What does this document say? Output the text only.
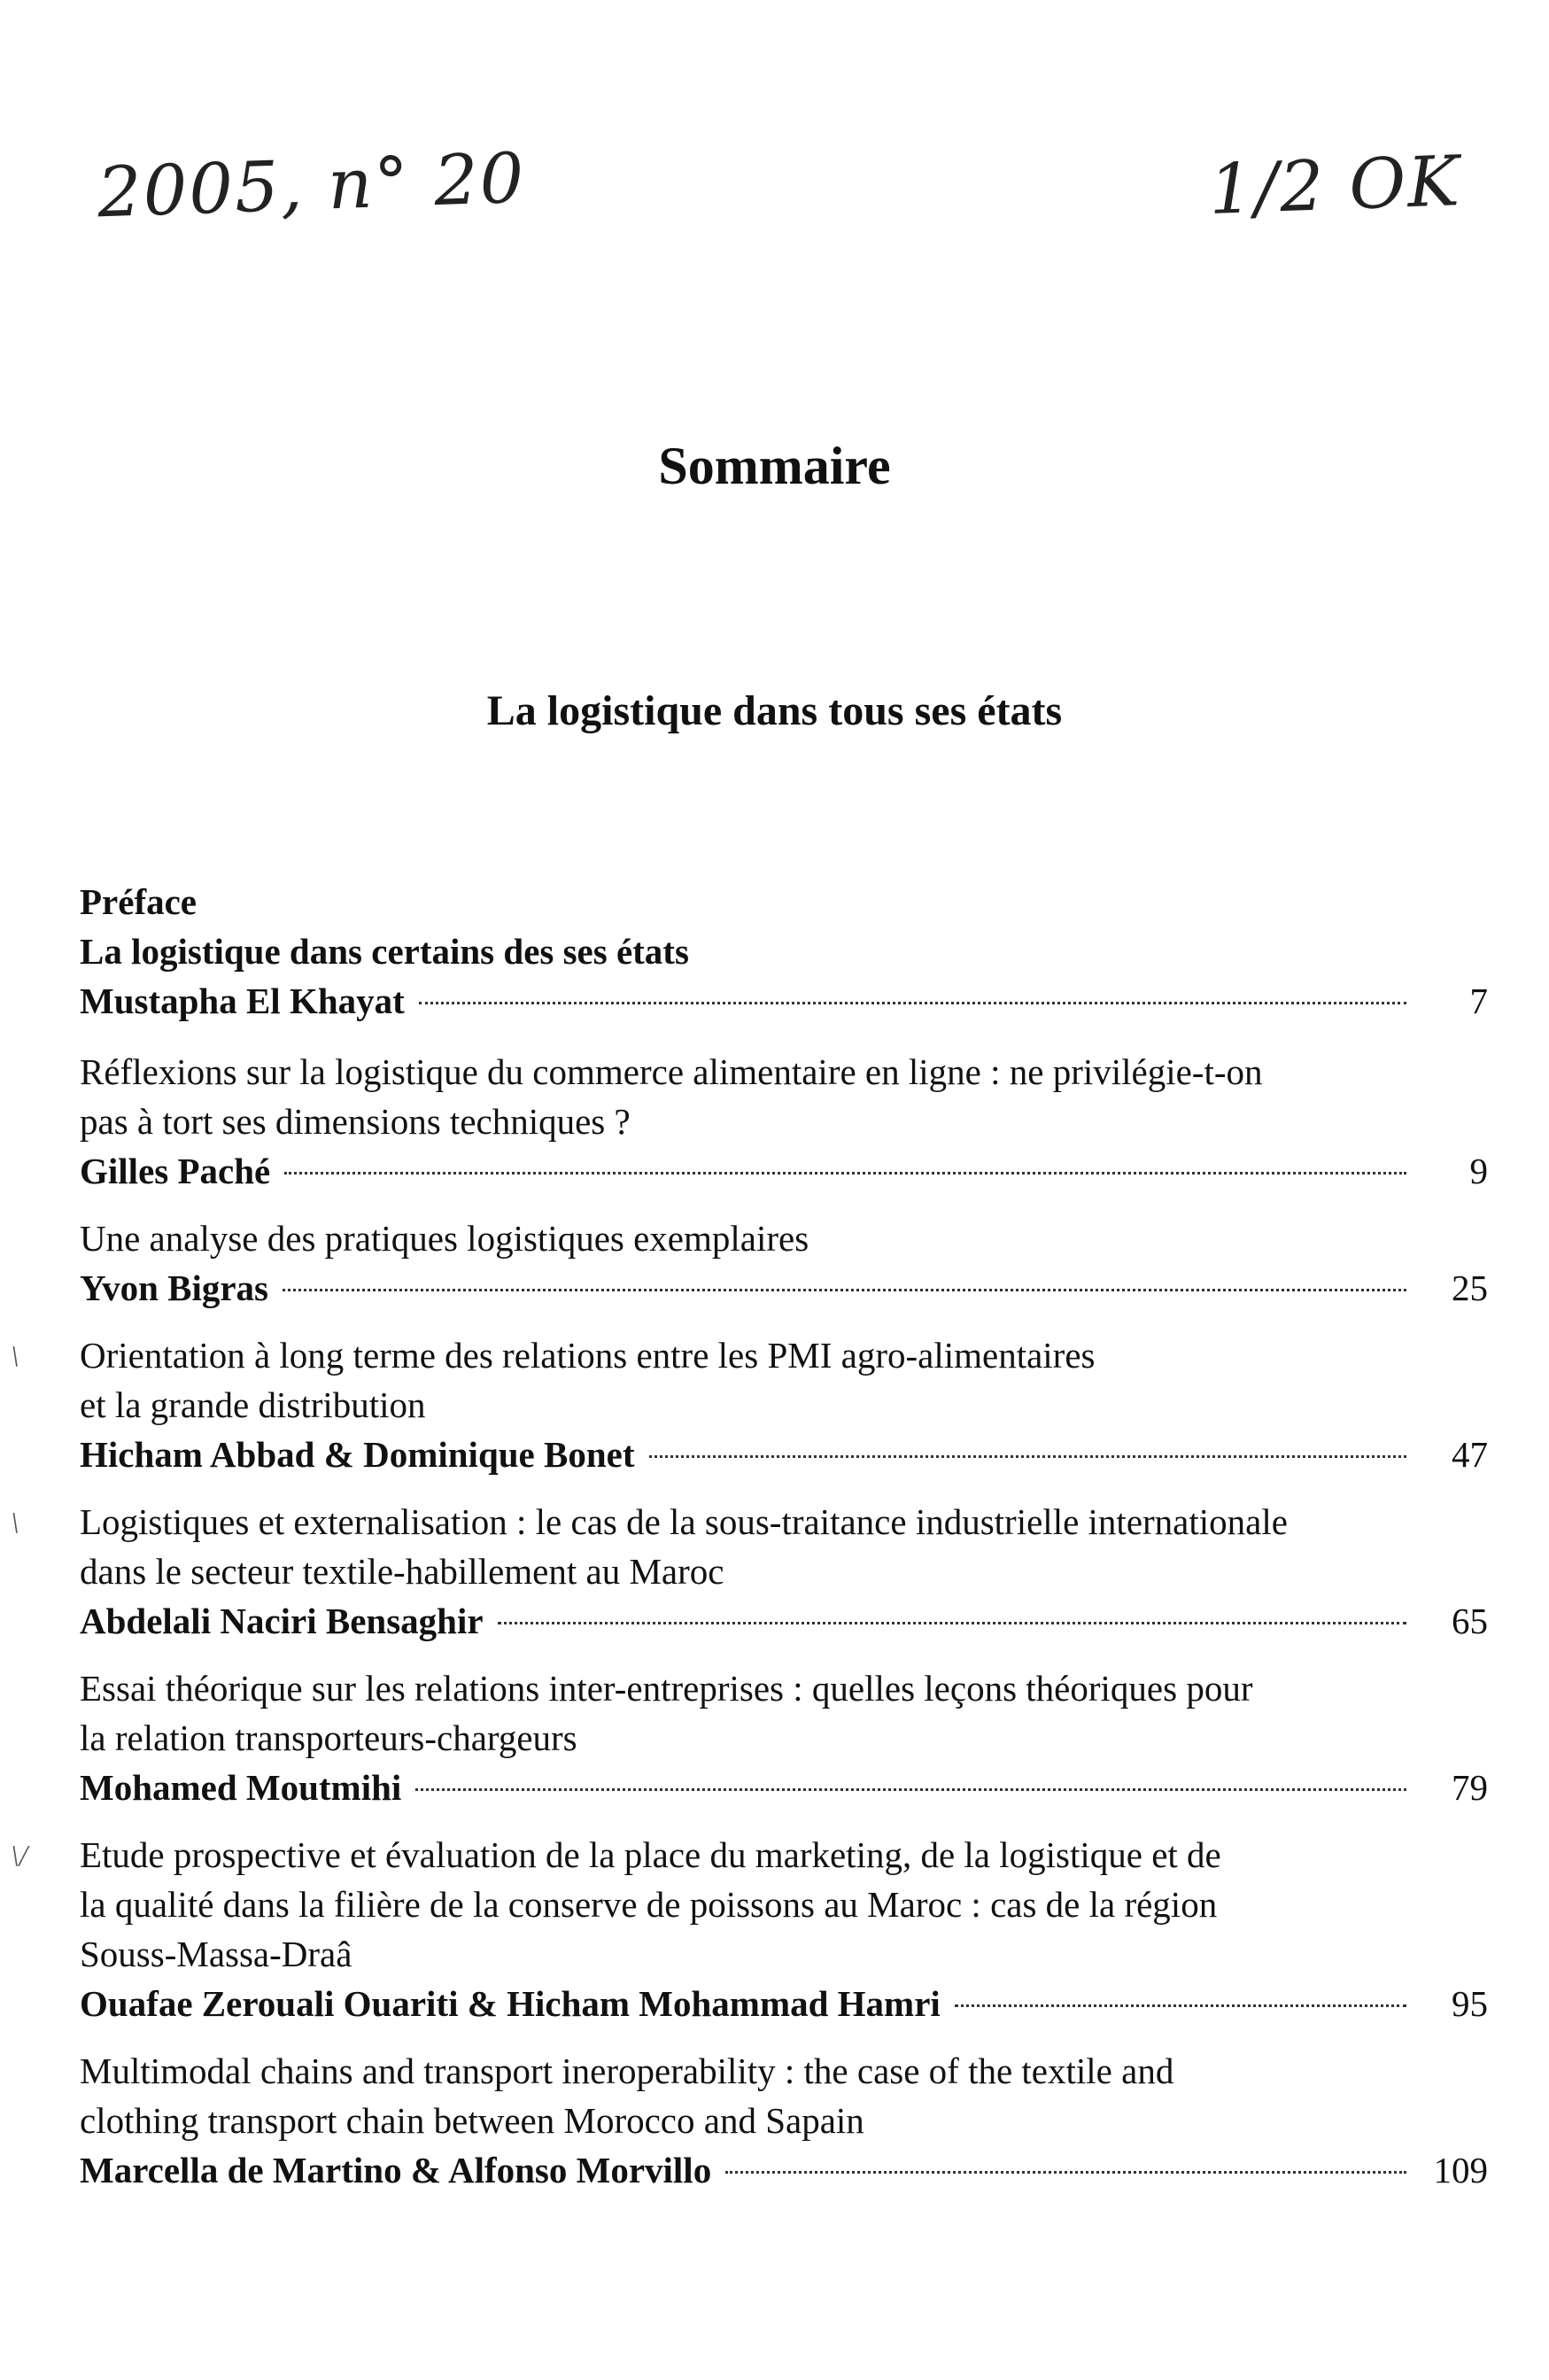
2005, n° 20	1/2 OK
Sommaire
La logistique dans tous ses états
Préface
La logistique dans certains des ses états
Mustapha El Khayat	7
Réflexions sur la logistique du commerce alimentaire en ligne : ne privilégie-t-on
pas à tort ses dimensions techniques ?
Gilles Paché	9
Une analyse des pratiques logistiques exemplaires
Yvon Bigras	25
\ Orientation à long terme des relations entre les PMI agro-alimentaires
et la grande distribution
Hicham Abbad & Dominique Bonet	47
\ Logistiques et externalisation : le cas de la sous-traitance industrielle internationale
dans le secteur textile-habillement au Maroc
Abdelali Naciri Bensaghir	65
Essai théorique sur les relations inter-entreprises : quelles leçons théoriques pour
la relation transporteurs-chargeurs
Mohamed Moutmihi	79
\/ Etude prospective et évaluation de la place du marketing, de la logistique et de
la qualité dans la filière de la conserve de poissons au Maroc : cas de la région
Souss-Massa-Draâ
Ouafae Zerouali Ouariti & Hicham Mohammad Hamri	95
Multimodal chains and transport ineroperability : the case of the textile and
clothing transport chain between Morocco and Sapain
Marcella de Martino & Alfonso Morvillo	109
